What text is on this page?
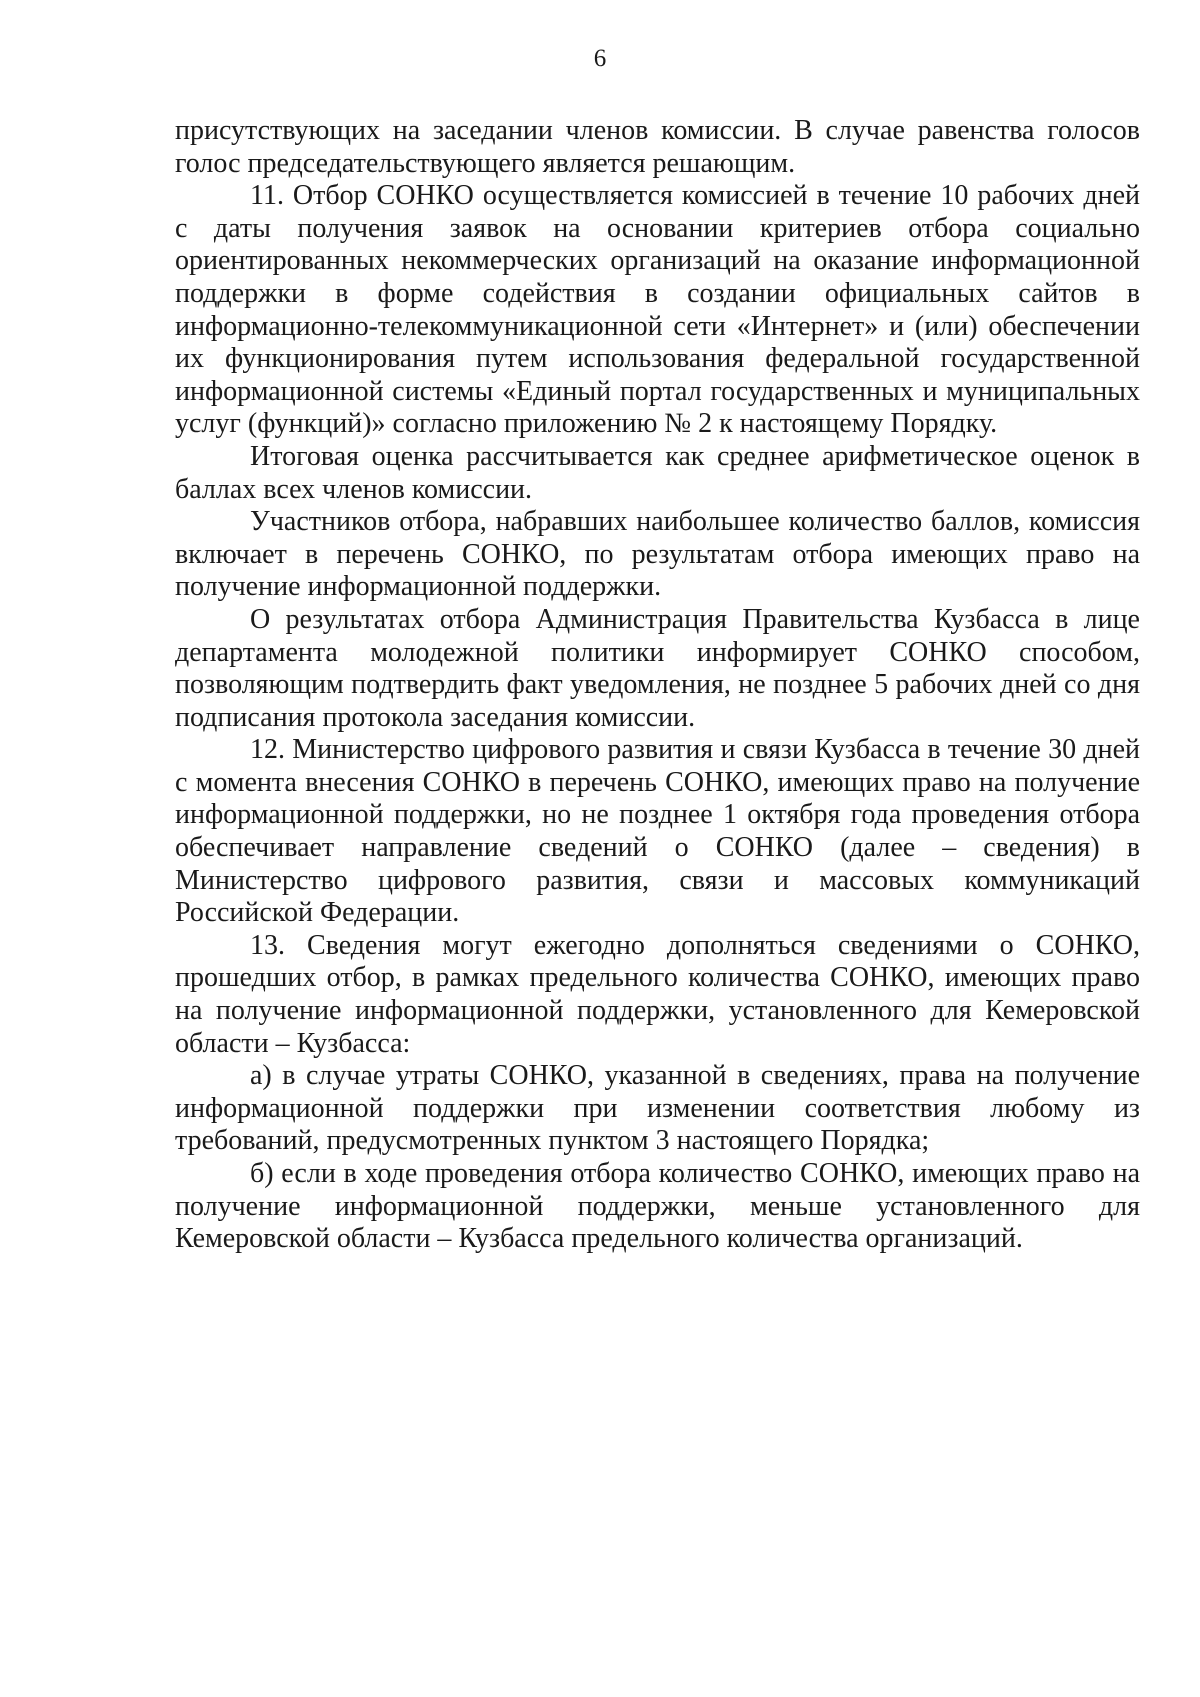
6

присутствующих на заседании членов комиссии. В случае равенства голосов голос председательствующего является решающим.

11. Отбор СОНКО осуществляется комиссией в течение 10 рабочих дней с даты получения заявок на основании критериев отбора социально ориентированных некоммерческих организаций на оказание информационной поддержки в форме содействия в создании официальных сайтов в информационно-телекоммуникационной сети «Интернет» и (или) обеспечении их функционирования путем использования федеральной государственной информационной системы «Единый портал государственных и муниципальных услуг (функций)» согласно приложению № 2 к настоящему Порядку.

Итоговая оценка рассчитывается как среднее арифметическое оценок в баллах всех членов комиссии.

Участников отбора, набравших наибольшее количество баллов, комиссия включает в перечень СОНКО, по результатам отбора имеющих право на получение информационной поддержки.

О результатах отбора Администрация Правительства Кузбасса в лице департамента молодежной политики информирует СОНКО способом, позволяющим подтвердить факт уведомления, не позднее 5 рабочих дней со дня подписания протокола заседания комиссии.

12. Министерство цифрового развития и связи Кузбасса в течение 30 дней с момента внесения СОНКО в перечень СОНКО, имеющих право на получение информационной поддержки, но не позднее 1 октября года проведения отбора обеспечивает направление сведений о СОНКО (далее – сведения) в Министерство цифрового развития, связи и массовых коммуникаций Российской Федерации.

13. Сведения могут ежегодно дополняться сведениями о СОНКО, прошедших отбор, в рамках предельного количества СОНКО, имеющих право на получение информационной поддержки, установленного для Кемеровской области – Кузбасса:

а) в случае утраты СОНКО, указанной в сведениях, права на получение информационной поддержки при изменении соответствия любому из требований, предусмотренных пунктом 3 настоящего Порядка;

б) если в ходе проведения отбора количество СОНКО, имеющих право на получение информационной поддержки, меньше установленного для Кемеровской области – Кузбасса предельного количества организаций.
